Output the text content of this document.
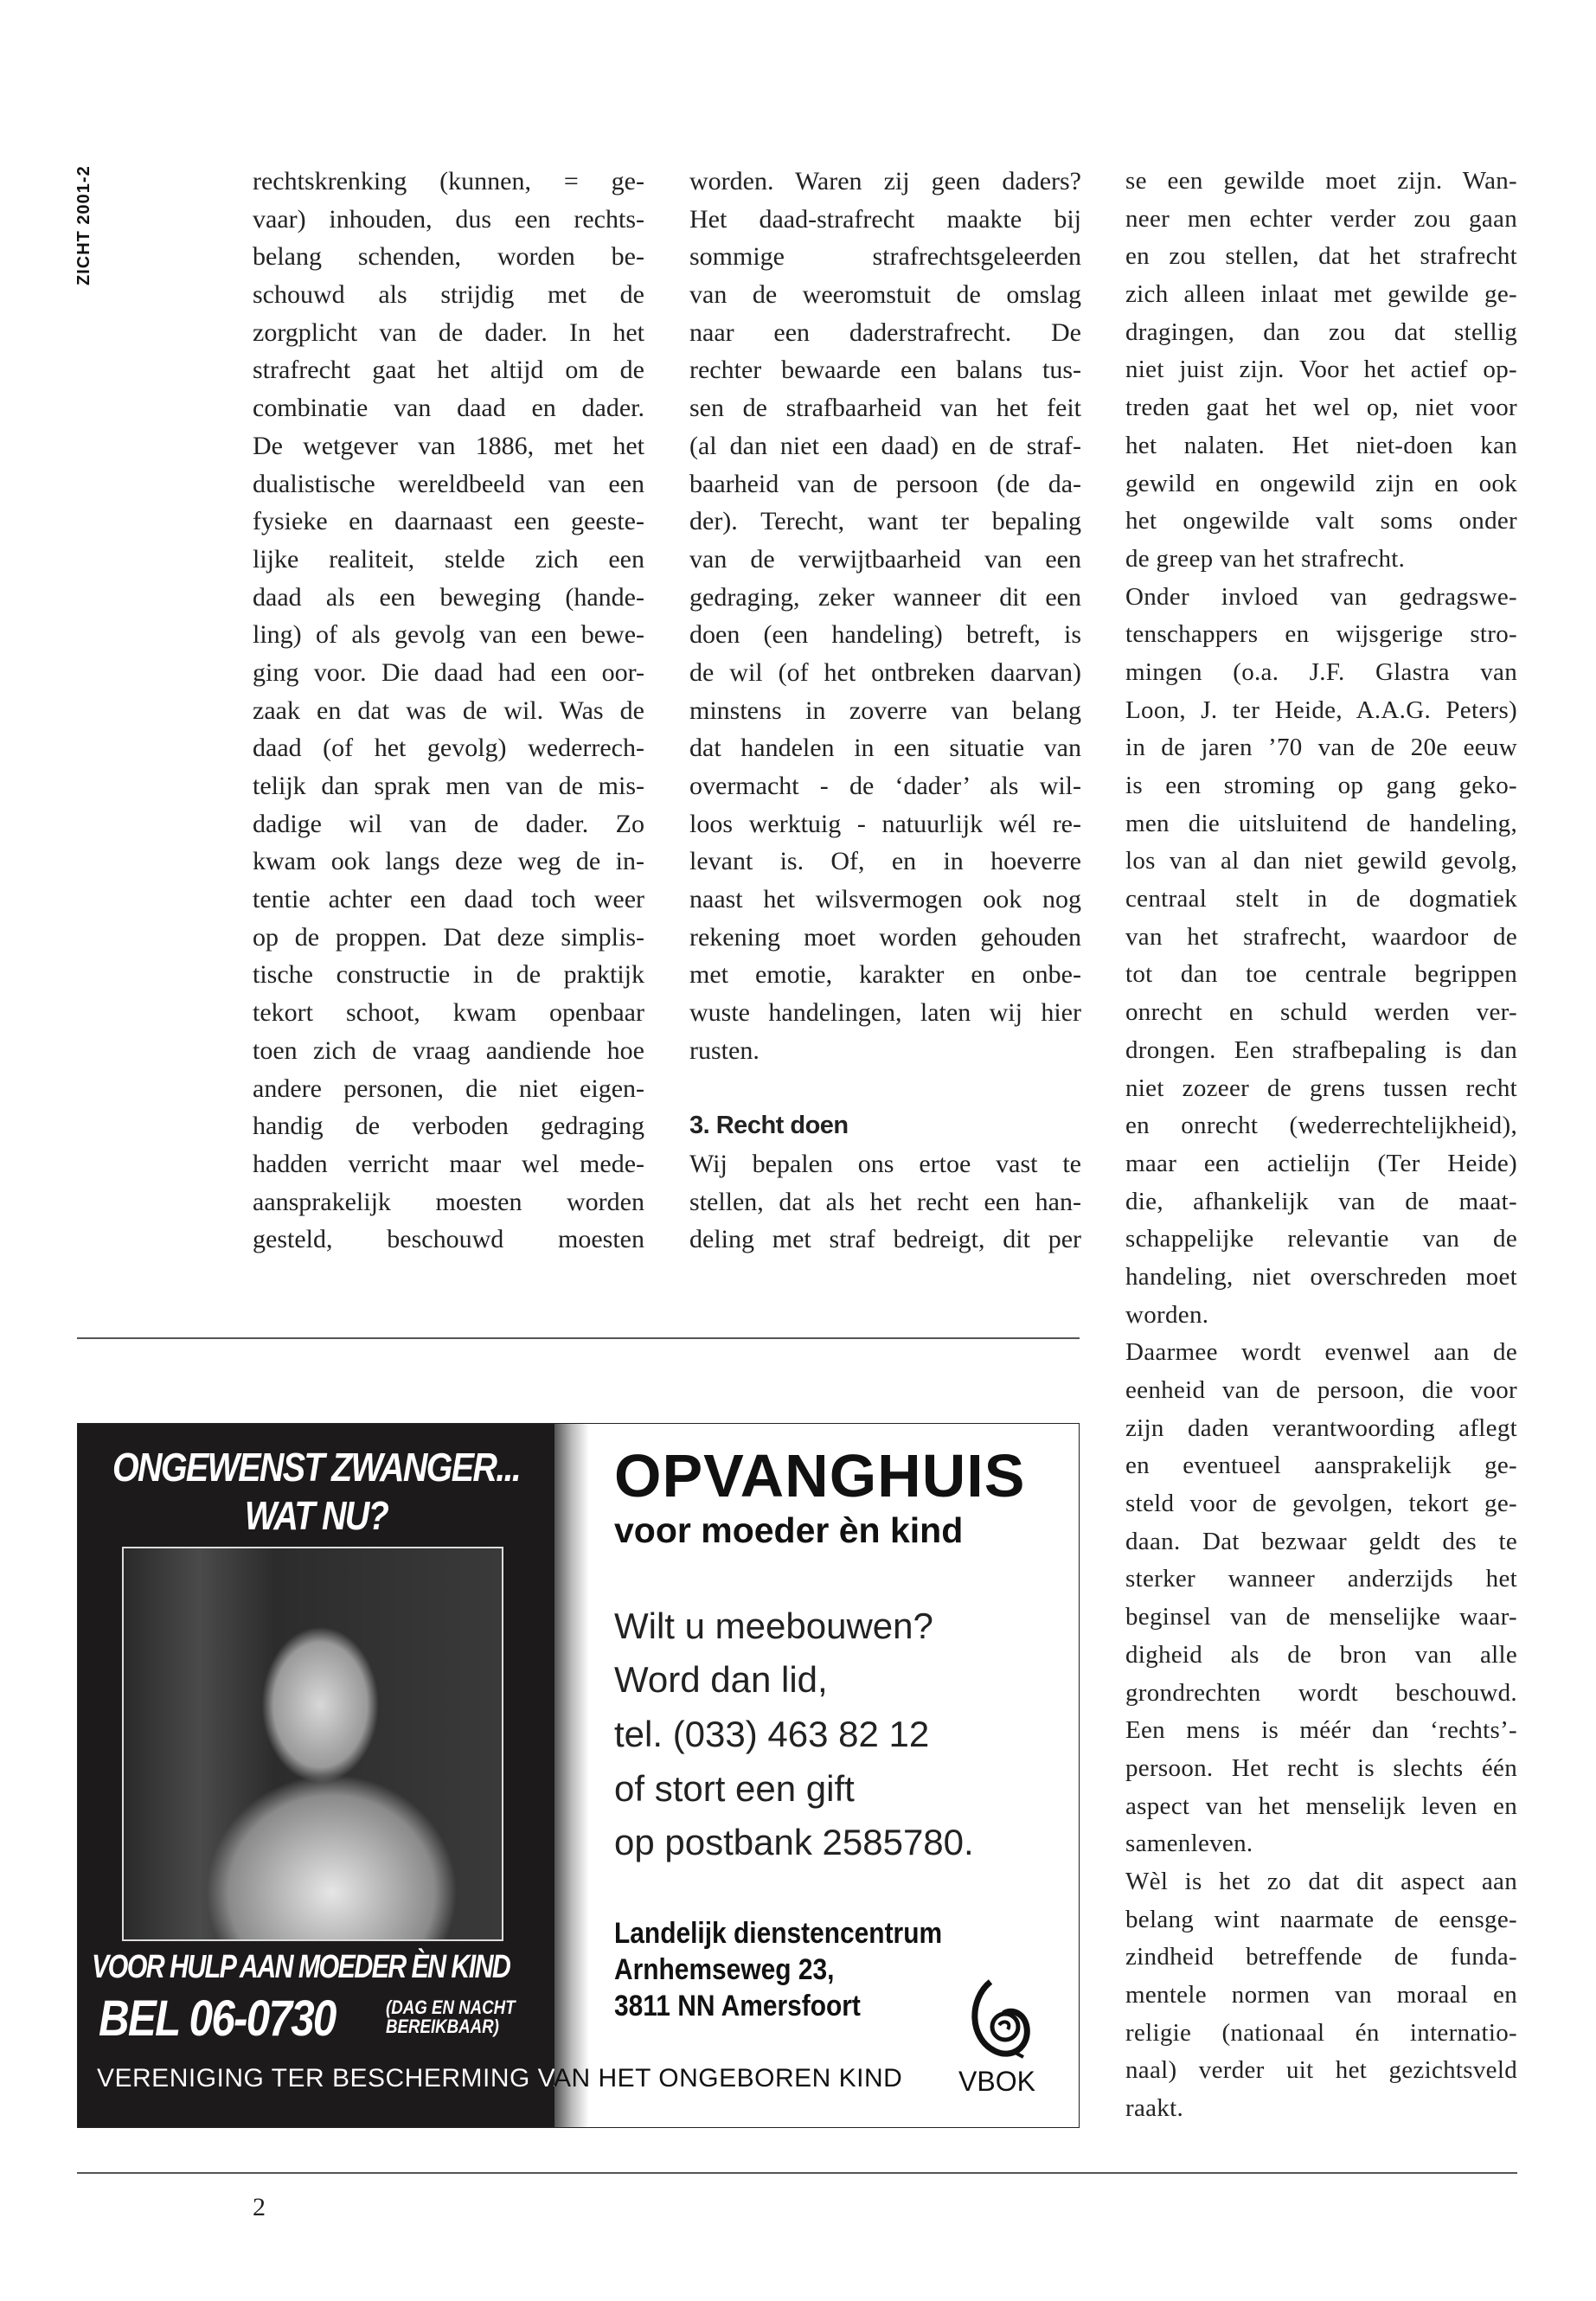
ZICHT 2001-2	rechtskrenking (kunnen, = ge-
vaar) inhouden, dus een rechts-
belang schenden, worden be-
schouwd als strijdig met de
zorgplicht van de dader. In het
strafrecht gaat het altijd om de
combinatie van daad en dader.
De wetgever van 1886, met het
dualistische wereldbeeld van een
fysieke en daarnaast een geeste-
lijke realiteit, stelde zich een
daad als een beweging (hande-
ling) of als gevolg van een bewe-
ging voor. Die daad had een oor-
zaak en dat was de wil. Was de
daad (of het gevolg) wederrech-
telijk dan sprak men van de mis-
dadige wil van de dader. Zo
kwam ook langs deze weg de in-
tentie achter een daad toch weer
op de proppen. Dat deze simplis-
tische constructie in de praktijk
tekort schoot, kwam openbaar
toen zich de vraag aandiende hoe
andere personen, die niet eigen-
handig de verboden gedraging
hadden verricht maar wel mede-
aansprakelijk moesten worden
gesteld, beschouwd moesten
worden. Waren zij geen daders?
Het daad-strafrecht maakte bij
sommige strafrechtsgeleerden
van de weeromstuit de omslag
naar een daderstrafrecht. De
rechter bewaarde een balans tus-
sen de strafbaarheid van het feit
(al dan niet een daad) en de straf-
baarheid van de persoon (de da-
der). Terecht, want ter bepaling
van de verwijtbaarheid van een
gedraging, zeker wanneer dit een
doen (een handeling) betreft, is
de wil (of het ontbreken daarvan)
minstens in zoverre van belang
dat handelen in een situatie van
overmacht - de ‘dader’ als wil-
loos werktuig - natuurlijk wél re-
levant is. Of, en in hoeverre
naast het wilsvermogen ook nog
rekening moet worden gehouden
met emotie, karakter en onbe-
wuste handelingen, laten wij hier
rusten.
3. Recht doen
Wij bepalen ons ertoe vast te
stellen, dat als het recht een han-
deling met straf bedreigt, dit per
se een gewilde moet zijn. Wan-
neer men echter verder zou gaan
en zou stellen, dat het strafrecht
zich alleen inlaat met gewilde ge-
dragingen, dan zou dat stellig
niet juist zijn. Voor het actief op-
treden gaat het wel op, niet voor
het nalaten. Het niet-doen kan
gewild en ongewild zijn en ook
het ongewilde valt soms onder
de greep van het strafrecht.
Onder invloed van gedragswe-
tenschappers en wijsgerige stro-
mingen (o.a. J.F. Glastra van
Loon, J. ter Heide, A.A.G. Peters)
in de jaren ’70 van de 20e eeuw
is een stroming op gang geko-
men die uitsluitend de handeling,
los van al dan niet gewild gevolg,
centraal stelt in de dogmatiek
van het strafrecht, waardoor de
tot dan toe centrale begrippen
onrecht en schuld werden ver-
drongen. Een strafbepaling is dan
niet zozeer de grens tussen recht
en onrecht (wederrechtelijkheid),
maar een actielijn (Ter Heide)
die, afhankelijk van de maat-
schappelijke relevantie van de
handeling, niet overschreden moet
worden.
Daarmee wordt evenwel aan de
eenheid van de persoon, die voor
zijn daden verantwoording aflegt
en eventueel aansprakelijk ge-
steld voor de gevolgen, tekort ge-
daan. Dat bezwaar geldt des te
sterker wanneer anderzijds het
beginsel van de menselijke waar-
digheid als de bron van alle
grondrechten wordt beschouwd.
Een mens is méér dan ‘rechts’-
persoon. Het recht is slechts één
aspect van het menselijk leven en
samenleven.
Wèl is het zo dat dit aspect aan
belang wint naarmate de eensge-
zindheid betreffende de funda-
mentele normen van moraal en
religie (nationaal én internatio-
naal) verder uit het gezichtsveld
raakt.
ONGEWENST ZWANGER...
WAT NU?
VOOR HULP AAN MOEDER ÈN KIND
BEL 06-0730	(DAG EN NACHT
BEREIKBAAR)
VERENIGING TER BESCHERMING VAN HET ONGEBOREN KIND
OPVANGHUIS
voor moeder èn kind
Wilt u meebouwen?
Word dan lid,
tel. (033) 463 82 12
of stort een gift
op postbank 2585780.
Landelijk dienstencentrum
Arnhemseweg 23,
3811 NN Amersfoort
VBOK
2
